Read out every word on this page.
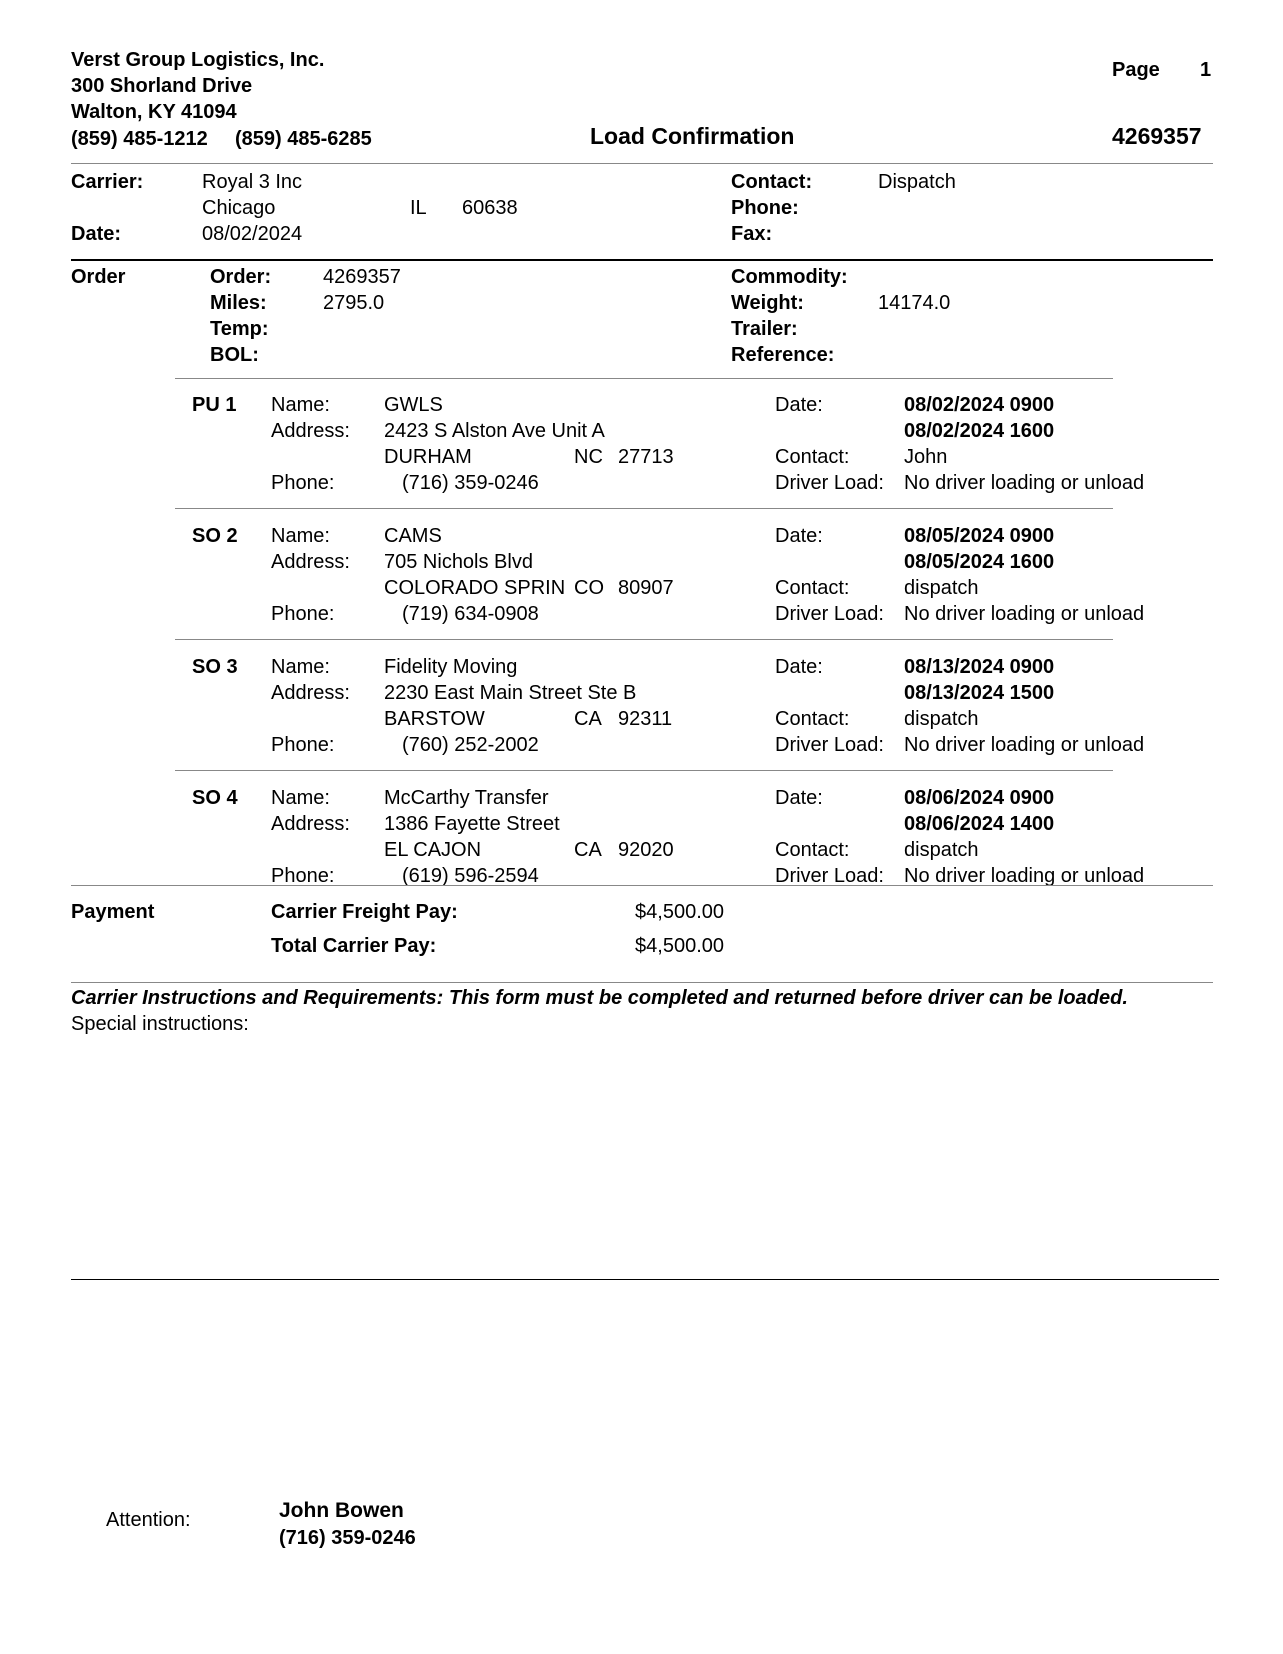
Verst Group Logistics, Inc.
300 Shorland Drive
Walton, KY 41094
(859) 485-1212 (859) 485-6285
Page 1
Load Confirmation	4269357
Carrier:	Royal 3 Inc
Chicago	IL 60638
Date:	08/02/2024
Contact:	Dispatch
Phone:
Fax:
Order	Order:	4269357
Miles:	2795.0
Temp:
BOL:
Commodity:
Weight:	14174.0
Trailer:
Reference:
PU 1 Name:	GWLS
Address: 2423 S Alston Ave Unit A
DURHAM	NC 27713
Phone:	(716) 359-0246
Date:	08/02/2024 0900
08/02/2024 1600
Contact:	John
Driver Load: No driver loading or unload
SO 2 Name:	CAMS
Address: 705 Nichols Blvd
COLORADO SPRIN CO 80907
Phone:	(719) 634-0908
Date:	08/05/2024 0900
08/05/2024 1600
Contact:	dispatch
Driver Load: No driver loading or unload
SO 3 Name:	Fidelity Moving
Address: 2230 East Main Street Ste B
BARSTOW	CA 92311
Phone:	(760) 252-2002
Date:	08/13/2024 0900
08/13/2024 1500
Contact:	dispatch
Driver Load: No driver loading or unload
SO 4 Name:	McCarthy Transfer
Address: 1386 Fayette Street
EL CAJON	CA 92020
Phone:	(619) 596-2594
Date:	08/06/2024 0900
08/06/2024 1400
Contact:	dispatch
Driver Load: No driver loading or unload
Payment	Carrier Freight Pay:	$4,500.00
Total Carrier Pay:	$4,500.00
Carrier Instructions and Requirements: This form must be completed and returned before driver can be loaded.
Special instructions:
Attention:	John Bowen
(716) 359-0246
